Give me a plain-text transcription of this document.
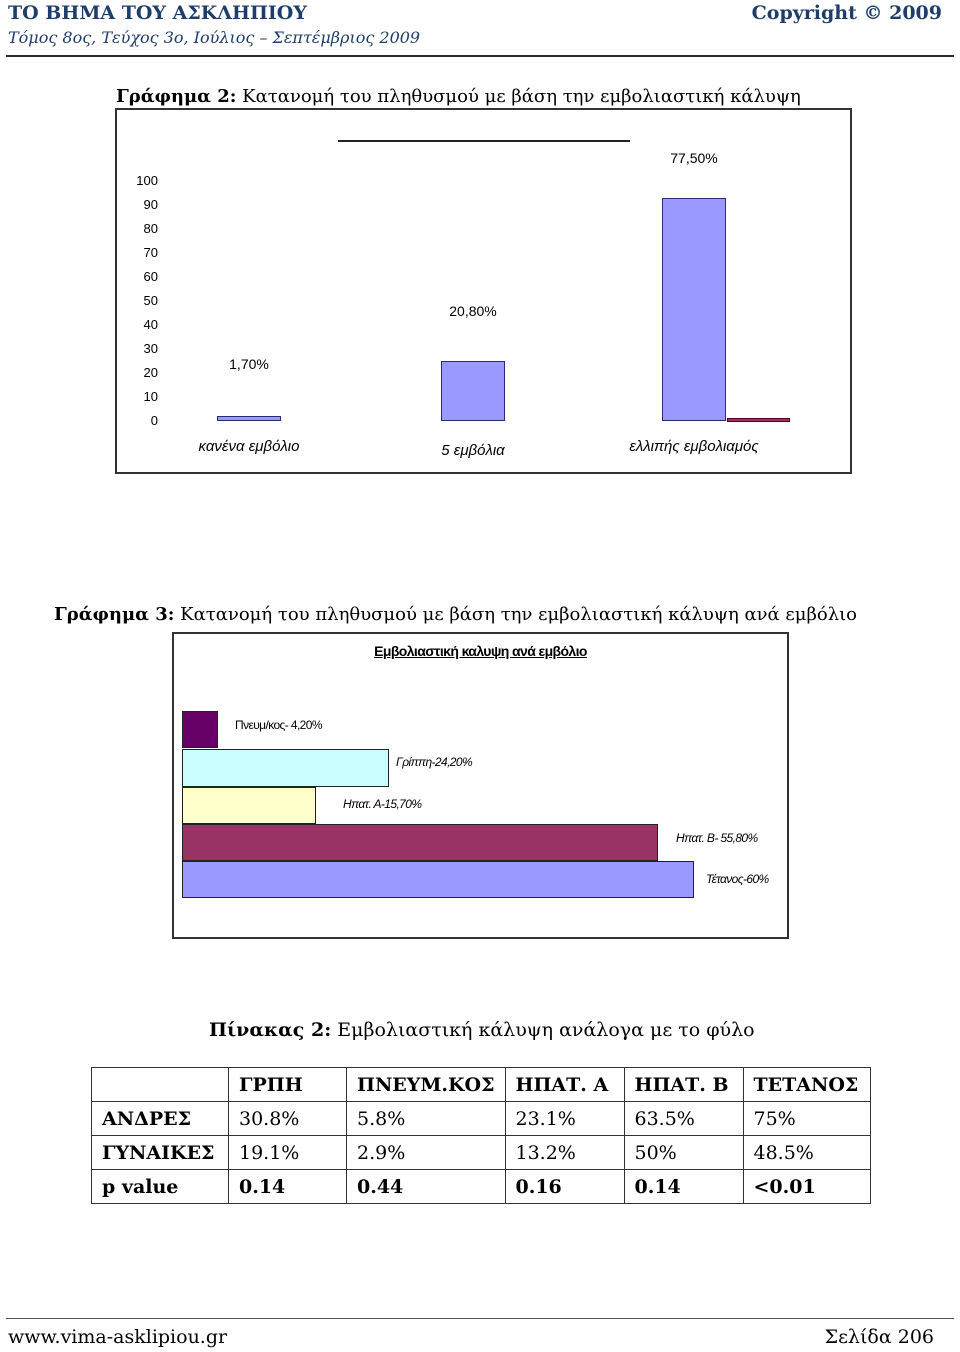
ΤΟ ΒΗΜΑ ΤΟΥ ΑΣΚΛΗΠΙΟΥ	Copyright © 2009
Τόμος 8ος, Τεύχος 3ο, Ιούλιος – Σεπτέμβριος 2009
Γράφημα 2: Κατανομή του πληθυσμού με βάση την εμβολιαστική κάλυψη
100
90
80
70
60
50
40
30
20
10
0
1,70%
κανένα εμβόλιο
20,80%
5 εμβόλια
77,50%
ελλιπής εμβολιαμός
Γράφημα 3: Κατανομή του πληθυσμού με βάση την εμβολιαστική κάλυψη ανά εμβόλιο
Εμβολιαστική καλυψη ανά εμβόλιο
Πνευμ/κος- 4,20%
Γρίππη-24,20%
Ηπατ. Α-15,70%
Ηπατ. Β- 55,80%
Τέτανος-60%
Πίνακας 2: Εμβολιαστική κάλυψη ανάλογα με το φύλο
	ΓΡΠΗ	ΠΝΕΥΜ.ΚΟΣ	ΗΠΑΤ. Α	ΗΠΑΤ. Β	ΤΕΤΑΝΟΣ
ΑΝΔΡΕΣ	30.8%	5.8%	23.1%	63.5%	75%
ΓΥΝΑΙΚΕΣ	19.1%	2.9%	13.2%	50%	48.5%
p value	0.14	0.44	0.16	0.14	<0.01
www.vima-asklipiou.gr	Σελίδα 206
